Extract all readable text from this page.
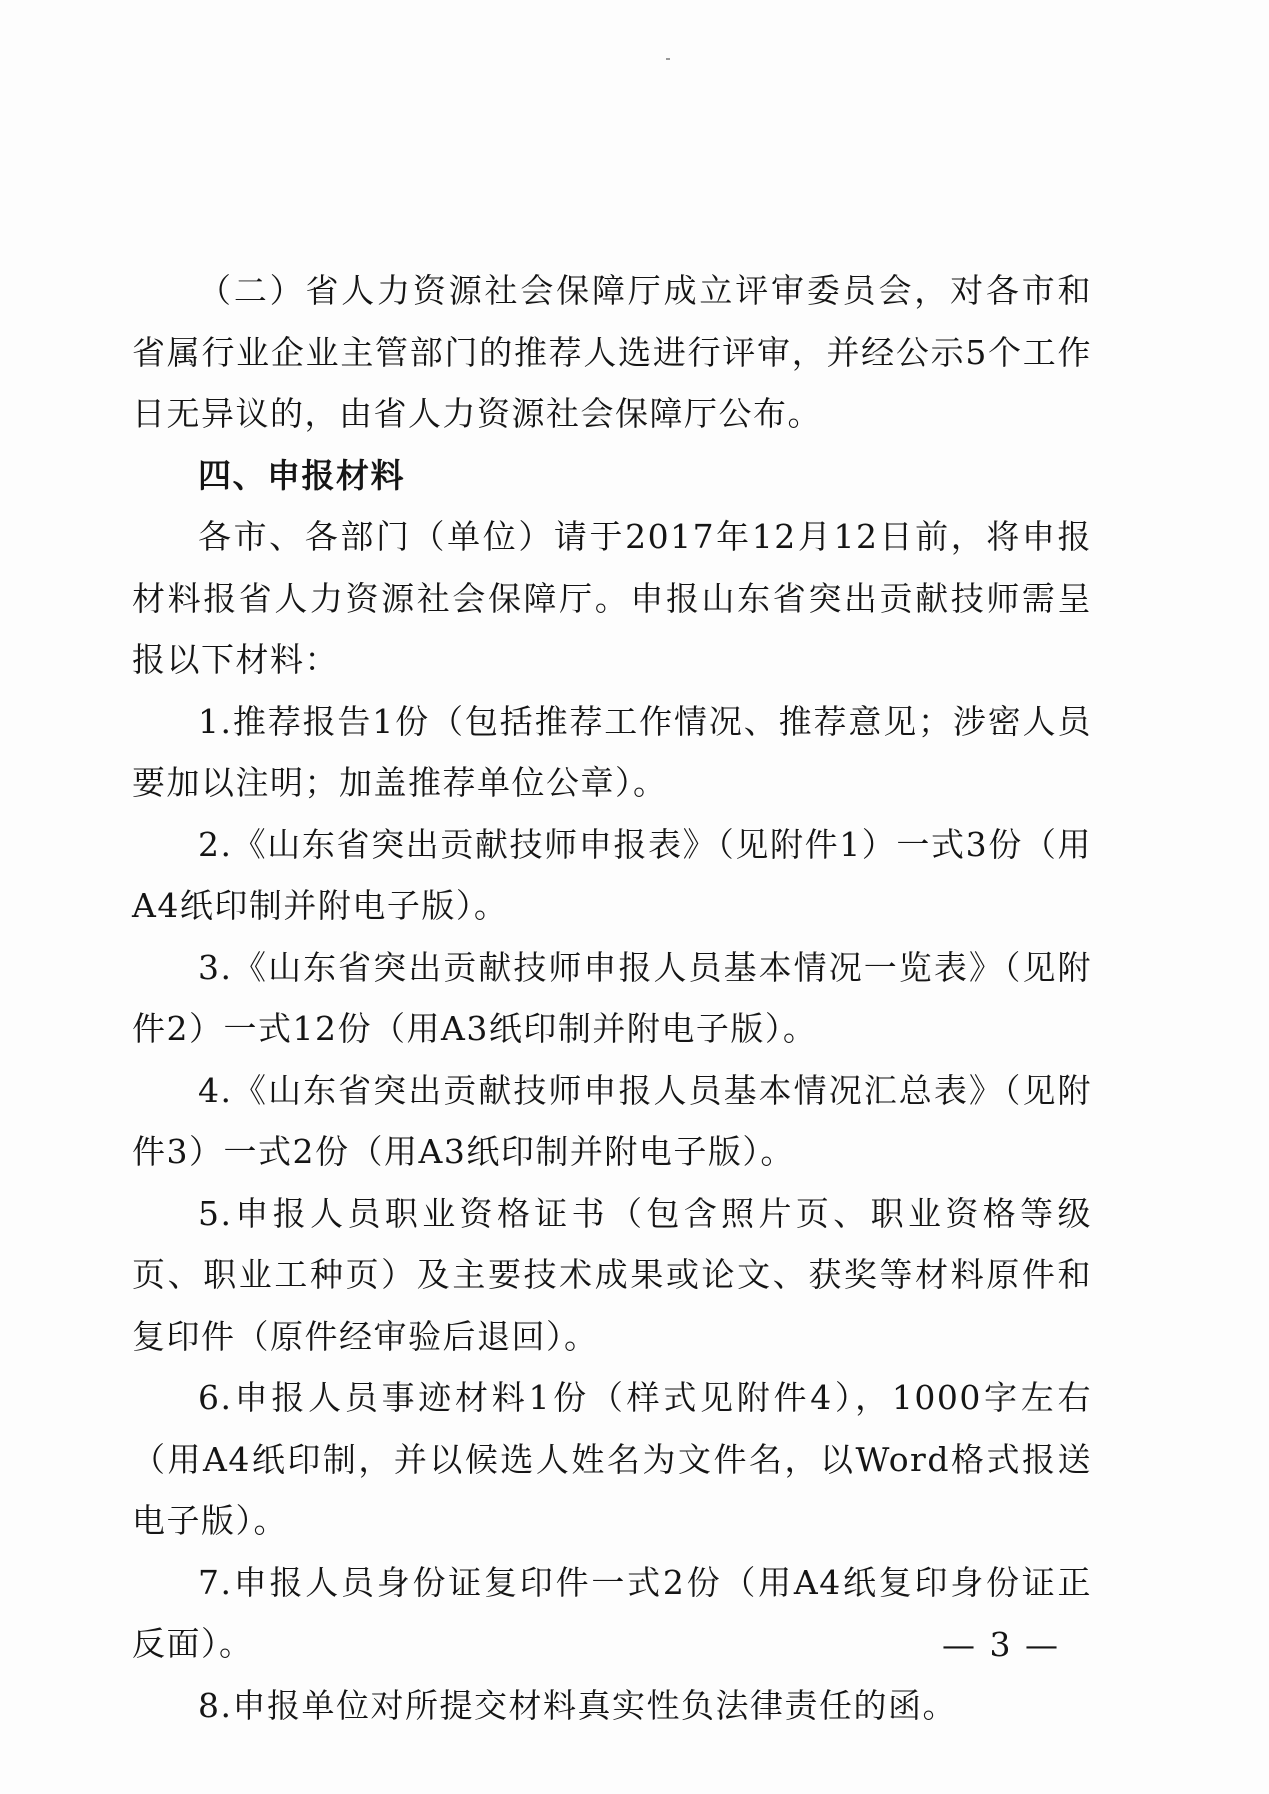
（二）省人力资源社会保障厅成立评审委员会，对各市和省属行业企业主管部门的推荐人选进行评审，并经公示5个工作日无异议的，由省人力资源社会保障厅公布。

四、申报材料

各市、各部门（单位）请于2017年12月12日前，将申报材料报省人力资源社会保障厅。申报山东省突出贡献技师需呈报以下材料：

1.推荐报告1份（包括推荐工作情况、推荐意见；涉密人员要加以注明；加盖推荐单位公章）。

2.《山东省突出贡献技师申报表》（见附件1）一式3份（用A4纸印制并附电子版）。

3.《山东省突出贡献技师申报人员基本情况一览表》（见附件2）一式12份（用A3纸印制并附电子版）。

4.《山东省突出贡献技师申报人员基本情况汇总表》（见附件3）一式2份（用A3纸印制并附电子版）。

5.申报人员职业资格证书（包含照片页、职业资格等级页、职业工种页）及主要技术成果或论文、获奖等材料原件和复印件（原件经审验后退回）。

6.申报人员事迹材料1份（样式见附件4），1000字左右（用A4纸印制，并以候选人姓名为文件名，以Word格式报送电子版）。

7.申报人员身份证复印件一式2份（用A4纸复印身份证正反面）。

8.申报单位对所提交材料真实性负法律责任的函。

— 3 —
